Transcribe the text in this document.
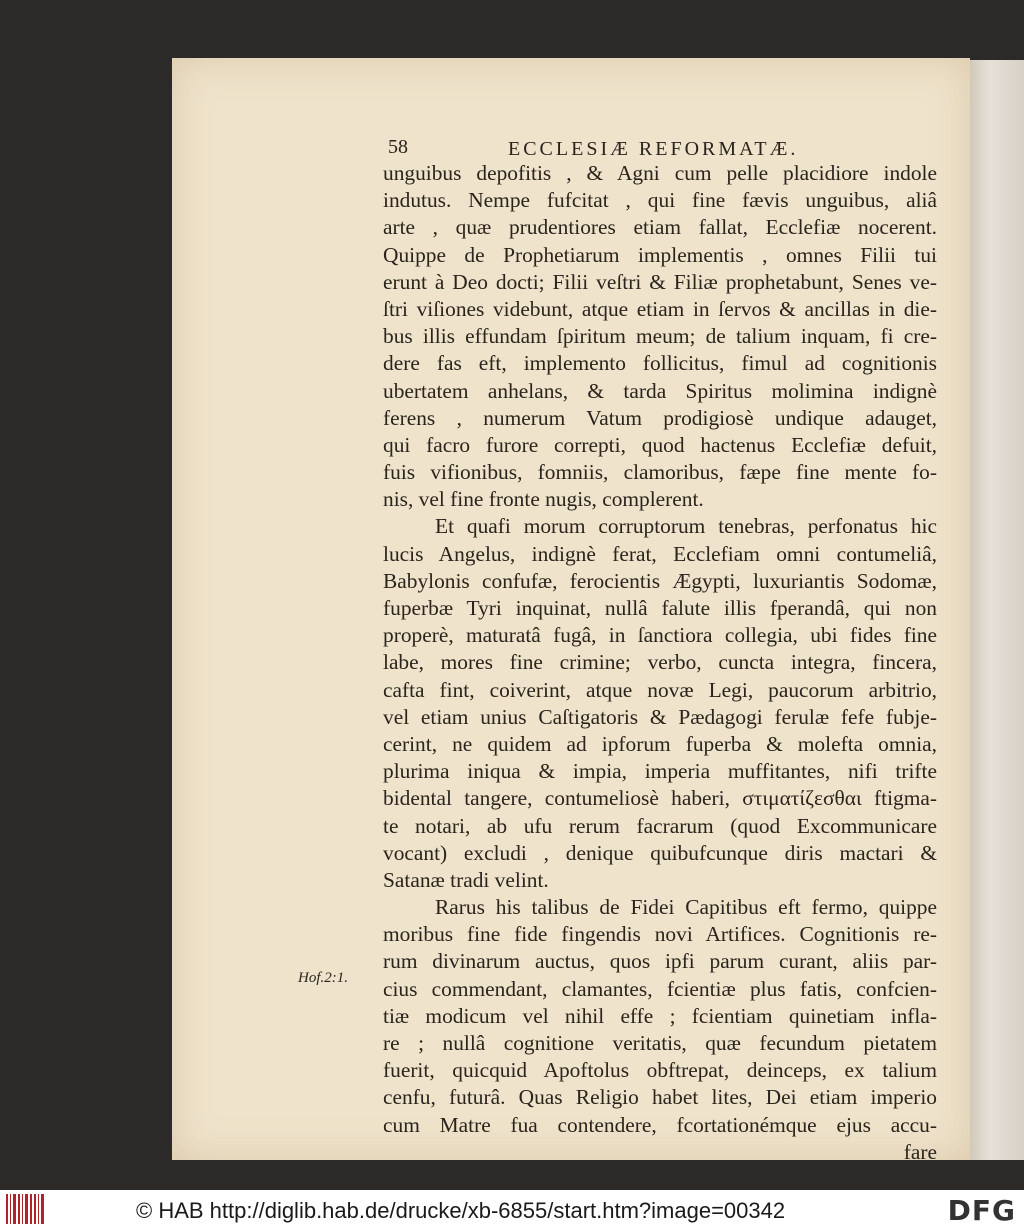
58	ECCLESIÆ REFORMATÆ.
unguibus depofitis , & Agni cum pelle placidiore indole
indutus. Nempe fufcitat , qui fine fævis unguibus, aliâ
arte , quæ prudentiores etiam fallat, Ecclefiæ nocerent.
Quippe de Prophetiarum implementis , omnes Filii tui
erunt à Deo docti; Filii veſtri & Filiæ prophetabunt, Senes ve-
ſtri viſiones videbunt, atque etiam in ſervos & ancillas in die-
bus illis effundam ſpiritum meum; de talium inquam, fi cre-
dere fas eft, implemento follicitus, fimul ad cognitionis
ubertatem anhelans, & tarda Spiritus molimina indignè
ferens , numerum Vatum prodigiosè undique adauget,
qui facro furore correpti, quod hactenus Ecclefiæ defuit,
fuis vifionibus, fomniis, clamoribus, fæpe fine mente fo-
nis, vel fine fronte nugis, complerent.
Et quafi morum corruptorum tenebras, perfonatus hic
lucis Angelus, indignè ferat, Ecclefiam omni contumeliâ,
Babylonis confufæ, ferocientis Ægypti, luxuriantis Sodomæ,
fuperbæ Tyri inquinat, nullâ falute illis fperandâ, qui non
properè, maturatâ fugâ, in ſanctiora collegia, ubi fides fine
labe, mores fine crimine; verbo, cuncta integra, fincera,
cafta fint, coiverint, atque novæ Legi, paucorum arbitrio,
vel etiam unius Caſtigatoris & Pædagogi ferulæ fefe fubje-
cerint, ne quidem ad ipforum fuperba & molefta omnia,
plurima iniqua & impia, imperia muffitantes, nifi trifte
bidental tangere, contumeliosè haberi, στιματίζεσθαι ftigma-
te notari, ab ufu rerum facrarum (quod Excommunicare
vocant) excludi , denique quibufcunque diris mactari &
Satanæ tradi velint.
Rarus his talibus de Fidei Capitibus eft fermo, quippe
moribus fine fide fingendis novi Artifices. Cognitionis re-
rum divinarum auctus, quos ipfi parum curant, aliis par-
cius commendant, clamantes, fcientiæ plus fatis, confcien-
tiæ modicum vel nihil effe ; fcientiam quinetiam infla-
re ; nullâ cognitione veritatis, quæ fecundum pietatem
fuerit, quicquid Apoftolus obftrepat, deinceps, ex talium
cenfu, futurâ. Quas Religio habet lites, Dei etiam imperio
cum Matre fua contendere, fcortationémque ejus accu-
fare
Hof.2:1.
© HAB http://diglib.hab.de/drucke/xb-6855/start.htm?image=00342	DFG
